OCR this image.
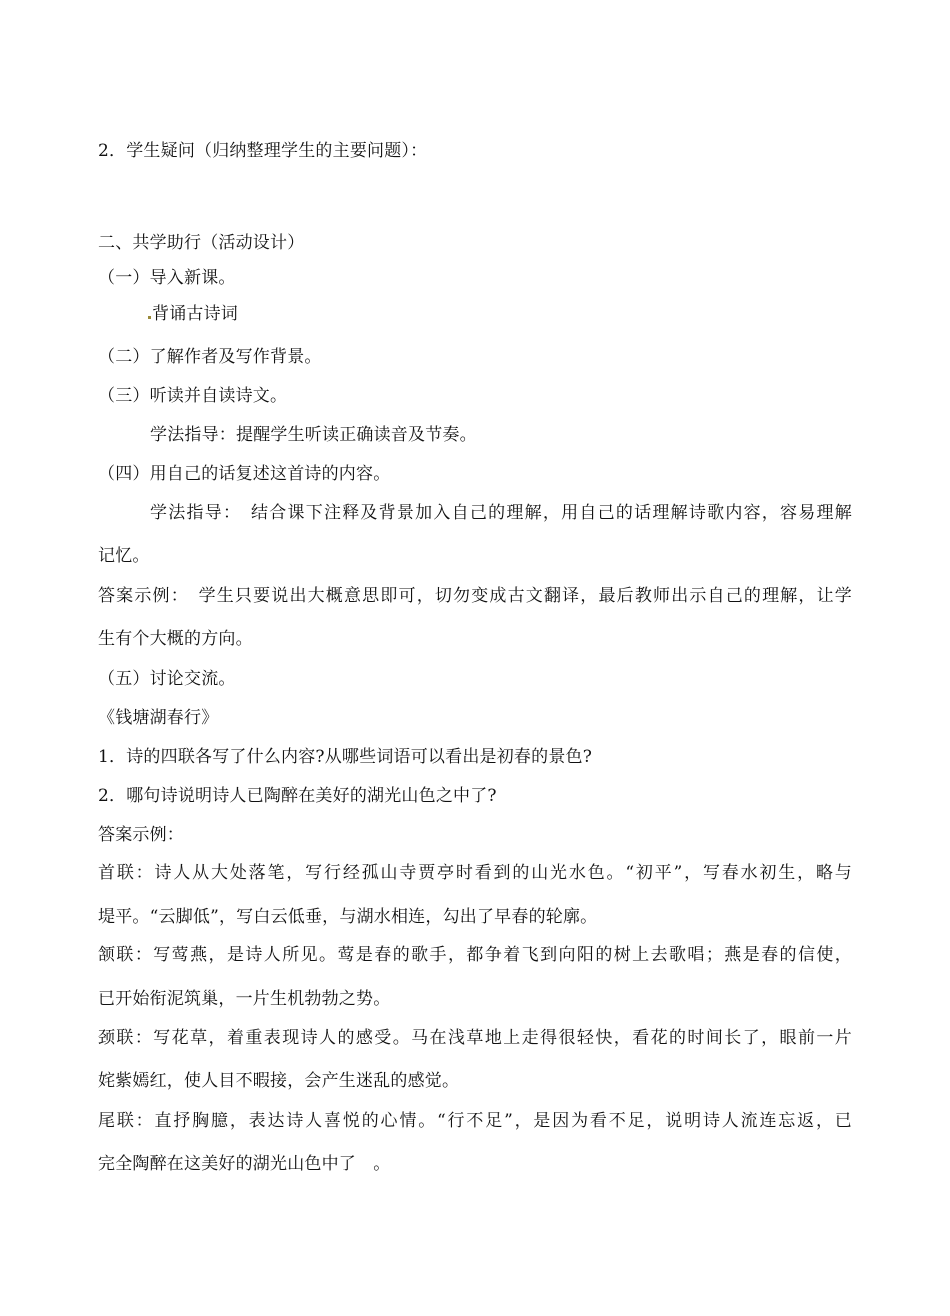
2．学生疑问（归纳整理学生的主要问题）：
二、共学助行（活动设计）
（一）导入新课。
背诵古诗词
（二）了解作者及写作背景。
（三）听读并自读诗文。
学法指导：提醒学生听读正确读音及节奏。
（四）用自己的话复述这首诗的内容。
学法指导：　结合课下注释及背景加入自己的理解，用自己的话理解诗歌内容，容易理解
记忆。
答案示例：　学生只要说出大概意思即可，切勿变成古文翻译，最后教师出示自己的理解，让学
生有个大概的方向。
（五）讨论交流。
《钱塘湖春行》
1．诗的四联各写了什么内容?从哪些词语可以看出是初春的景色?
2．哪句诗说明诗人已陶醉在美好的湖光山色之中了?
答案示例：
首联：诗人从大处落笔，写行经孤山寺贾亭时看到的山光水色。“初平”，写春水初生，略与
堤平。“云脚低”，写白云低垂，与湖水相连，勾出了早春的轮廓。
颔联：写莺燕，是诗人所见。莺是春的歌手，都争着飞到向阳的树上去歌唱；燕是春的信使，
已开始衔泥筑巢，一片生机勃勃之势。
颈联：写花草，着重表现诗人的感受。马在浅草地上走得很轻快，看花的时间长了，眼前一片
姹紫嫣红，使人目不暇接，会产生迷乱的感觉。
尾联：直抒胸臆，表达诗人喜悦的心情。“行不足”，是因为看不足，说明诗人流连忘返，已
完全陶醉在这美好的湖光山色中了　。
